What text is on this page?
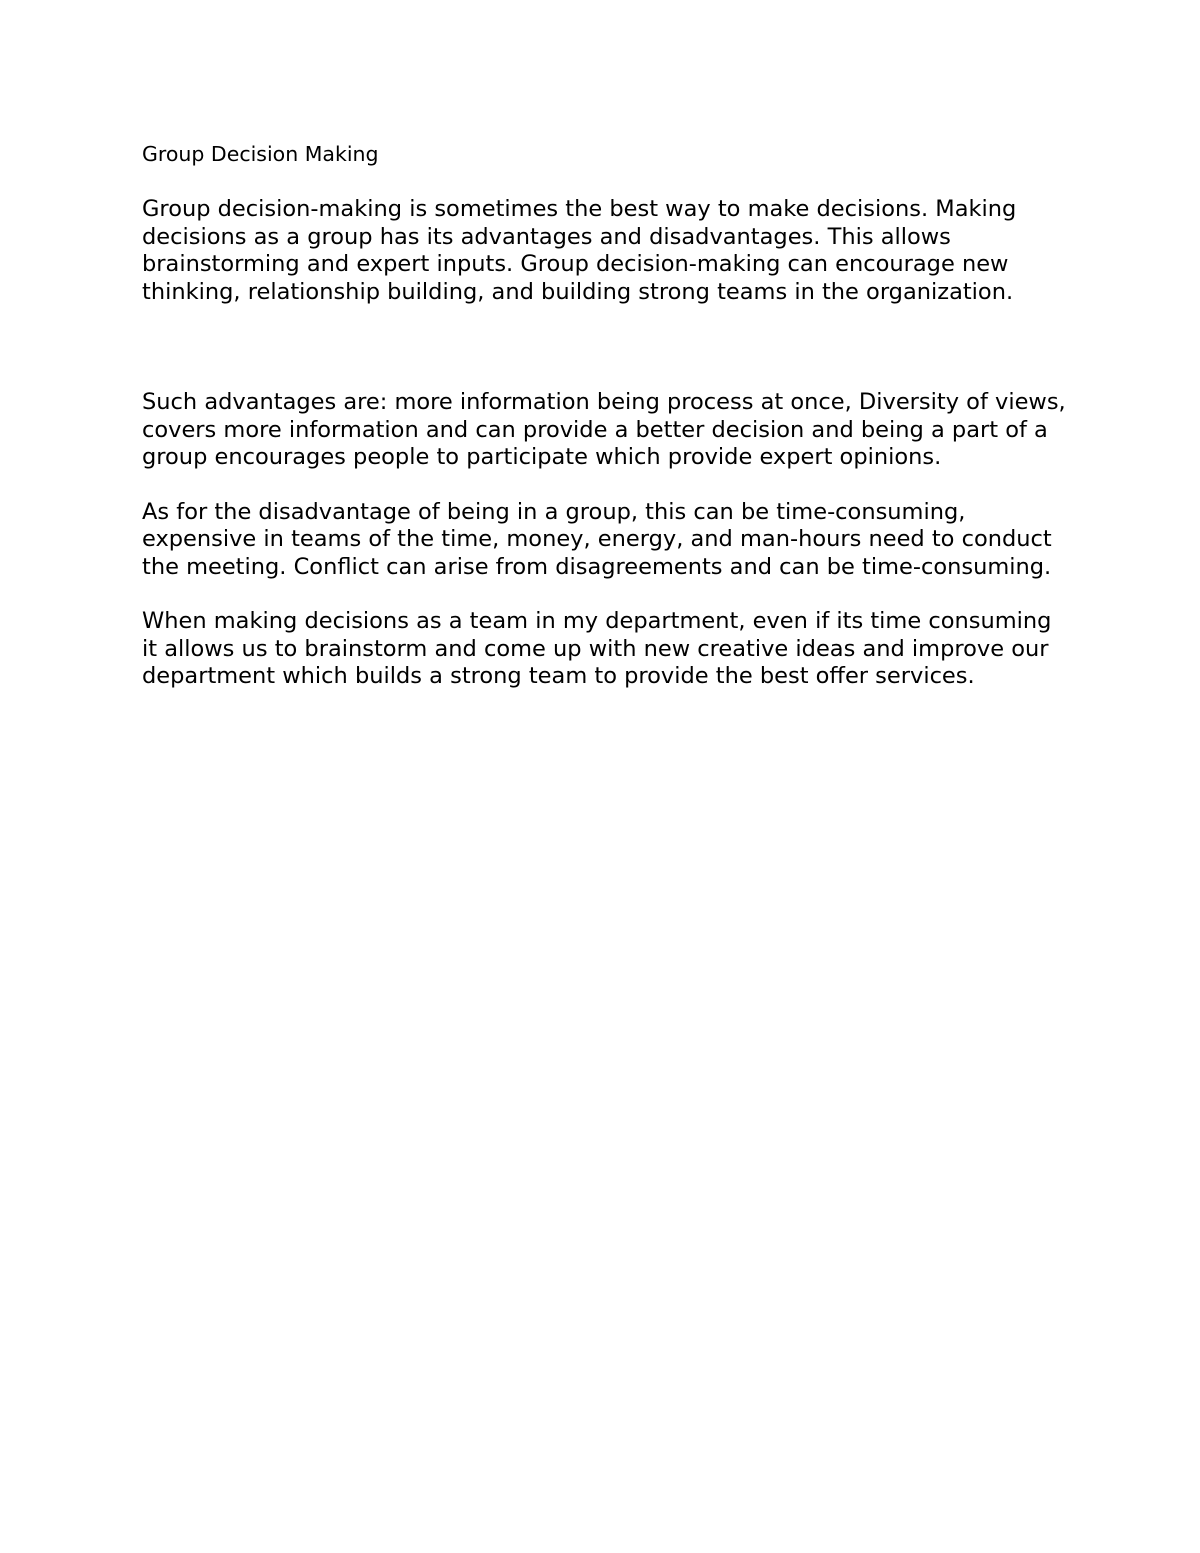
Group Decision Making

Group decision-making is sometimes the best way to make decisions. Making decisions as a group has its advantages and disadvantages. This allows brainstorming and expert inputs. Group decision-making can encourage new thinking, relationship building, and building strong teams in the organization.

Such advantages are: more information being process at once, Diversity of views, covers more information and can provide a better decision and being a part of a group encourages people to participate which provide expert opinions.

As for the disadvantage of being in a group, this can be time-consuming, expensive in teams of the time, money, energy, and man-hours need to conduct the meeting. Conflict can arise from disagreements and can be time-consuming.

When making decisions as a team in my department, even if its time consuming it allows us to brainstorm and come up with new creative ideas and improve our department which builds a strong team to provide the best offer services.
